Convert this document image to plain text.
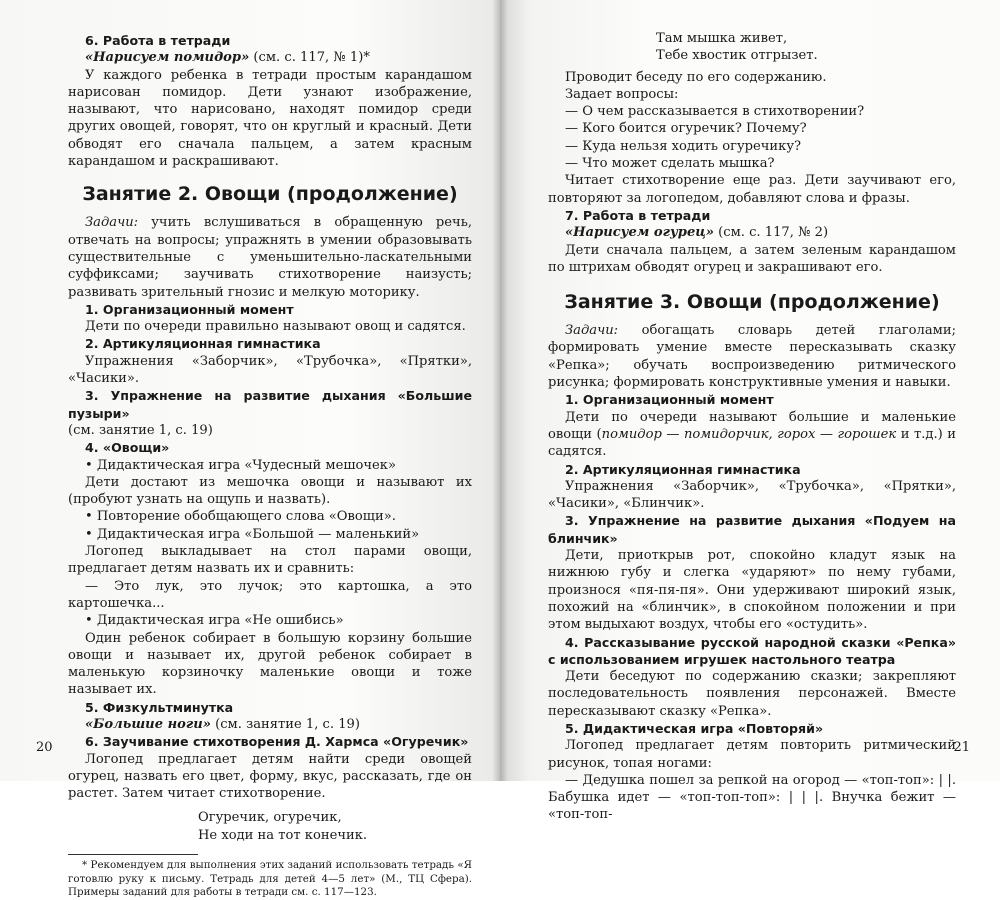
6. Работа в тетради

«Нарисуем помидор» (см. с. 117, № 1)*

У каждого ребенка в тетради простым карандашом нарисован помидор. Дети узнают изображение, называют, что нарисовано, находят помидор среди других овощей, говорят, что он круглый и красный. Дети обводят его сначала пальцем, а затем красным карандашом и раскрашивают.

Занятие 2. Овощи (продолжение)

Задачи: учить вслушиваться в обращенную речь, отвечать на вопросы; упражнять в умении образовывать существительные с уменьшительно-ласкательными суффиксами; заучивать стихотворение наизусть; развивать зрительный гнозис и мелкую моторику.

1. Организационный момент

Дети по очереди правильно называют овощ и садятся.

2. Артикуляционная гимнастика

Упражнения «Заборчик», «Трубочка», «Прятки», «Часики».

3. Упражнение на развитие дыхания «Большие пузыри»

(см. занятие 1, с. 19)

4. «Овощи»

• Дидактическая игра «Чудесный мешочек»

Дети достают из мешочка овощи и называют их (пробуют узнать на ощупь и назвать).

• Повторение обобщающего слова «Овощи».

• Дидактическая игра «Большой — маленький»

Логопед выкладывает на стол парами овощи, предлагает детям назвать их и сравнить:

— Это лук, это лучок; это картошка, а это картошечка...

• Дидактическая игра «Не ошибись»

Один ребенок собирает в большую корзину большие овощи и называет их, другой ребенок собирает в маленькую корзиночку маленькие овощи и тоже называет их.

5. Физкультминутка

«Большие ноги» (см. занятие 1, с. 19)

6. Заучивание стихотворения Д. Хармса «Огуречик»

Логопед предлагает детям найти среди овощей огурец, назвать его цвет, форму, вкус, рассказать, где он растет. Затем читает стихотворение.

Огуречик, огуречик,

Не ходи на тот конечик.

* Рекомендуем для выполнения этих заданий использовать тетрадь «Я готовлю руку к письму. Тетрадь для детей 4—5 лет» (М., ТЦ Сфера). Примеры заданий для работы в тетради см. с. 117—123.

20

Там мышка живет,

Тебе хвостик отгрызет.

Проводит беседу по его содержанию.

Задает вопросы:

— О чем рассказывается в стихотворении?

— Кого боится огуречик? Почему?

— Куда нельзя ходить огуречику?

— Что может сделать мышка?

Читает стихотворение еще раз. Дети заучивают его, повторяют за логопедом, добавляют слова и фразы.

7. Работа в тетради

«Нарисуем огурец» (см. с. 117, № 2)

Дети сначала пальцем, а затем зеленым карандашом по штрихам обводят огурец и закрашивают его.

Занятие 3. Овощи (продолжение)

Задачи: обогащать словарь детей глаголами; формировать умение вместе пересказывать сказку «Репка»; обучать воспроизведению ритмического рисунка; формировать конструктивные умения и навыки.

1. Организационный момент

Дети по очереди называют большие и маленькие овощи (помидор — помидорчик, горох — горошек и т.д.) и садятся.

2. Артикуляционная гимнастика

Упражнения «Заборчик», «Трубочка», «Прятки», «Часики», «Блинчик».

3. Упражнение на развитие дыхания «Подуем на блинчик»

Дети, приоткрыв рот, спокойно кладут язык на нижнюю губу и слегка «ударяют» по нему губами, произнося «пя-пя-пя». Они удерживают широкий язык, похожий на «блинчик», в спокойном положении и при этом выдыхают воздух, чтобы его «остудить».

4. Рассказывание русской народной сказки «Репка» с использованием игрушек настольного театра

Дети беседуют по содержанию сказки; закрепляют последовательность появления персонажей. Вместе пересказывают сказку «Репка».

5. Дидактическая игра «Повторяй»

Логопед предлагает детям повторить ритмический рисунок, топая ногами:

— Дедушка пошел за репкой на огород — «топ-топ»: | |. Бабушка идет — «топ-топ-топ»: | | |. Внучка бежит — «топ-топ-

21
